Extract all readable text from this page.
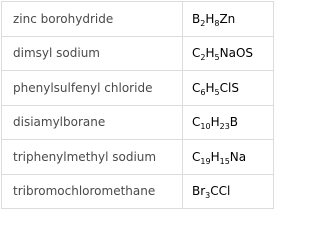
zinc borohydride	$B_2H_8Zn$
dimsyl sodium	$C_2H_5NaOS$
phenylsulfenyl chloride	$C_6H_5ClS$
disiamylborane	$C_{10}H_{23}B$
triphenylmethyl sodium	$C_{19}H_{15}Na$
tribromochloromethane	$Br_3CCl$
